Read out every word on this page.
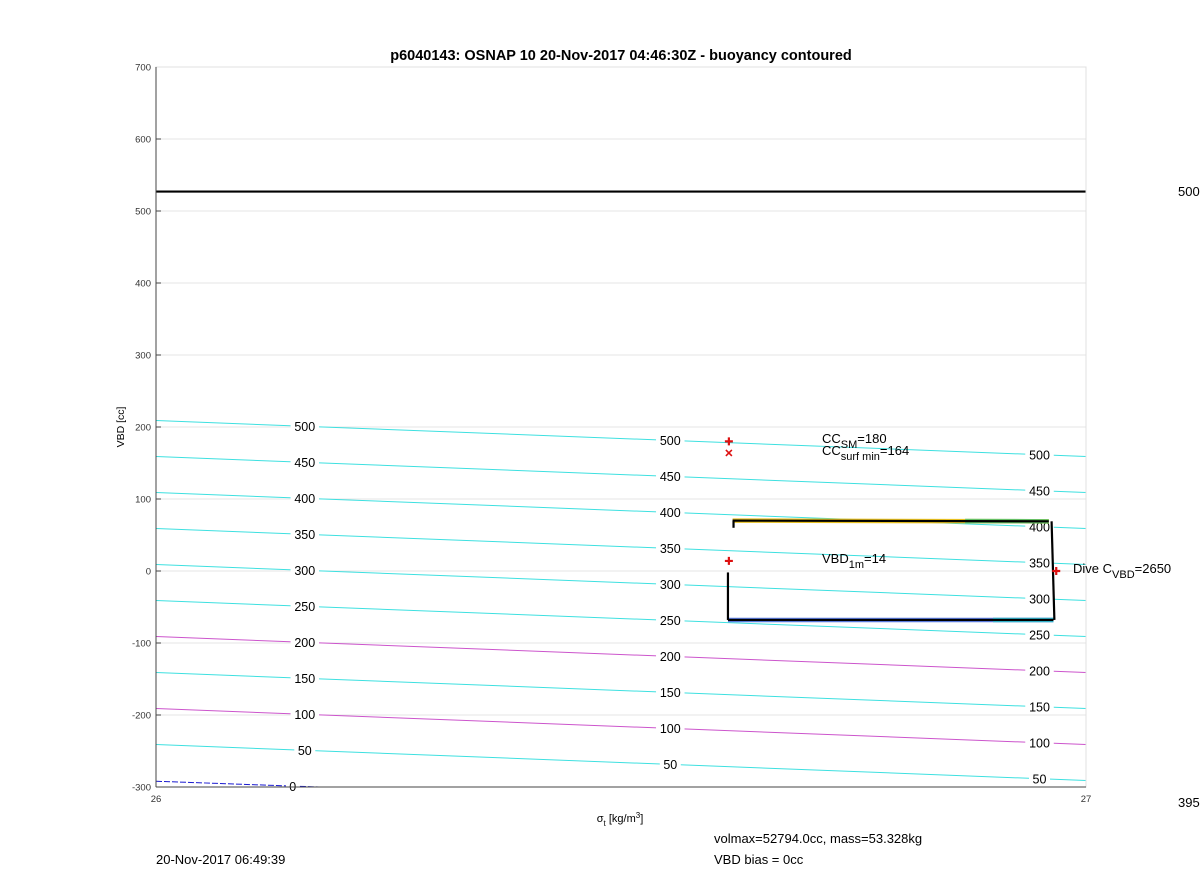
-300
-200
-100
0
100
200
300
400
500
600
700
26	27
500
450
400
350
300
250
200
150
100
50
0
500
450
400
350
300
250
200
150
100
50
500
450
400
350
300
250
200
150
100
50
p6040143: OSNAP 10 20-Nov-2017 04:46:30Z - buoyancy contoured
VBD [cc]
$\sigma_t$ $[kg/m^3]$
$CC_{SM}=180$
$CC_{surf min}=164$
$VBD_{1m}=14$
Dive $C_{VBD}=2650$
500
395
20-Nov-2017 06:49:39
volmax=52794.0cc, mass=53.328kg
VBD bias = 0cc
